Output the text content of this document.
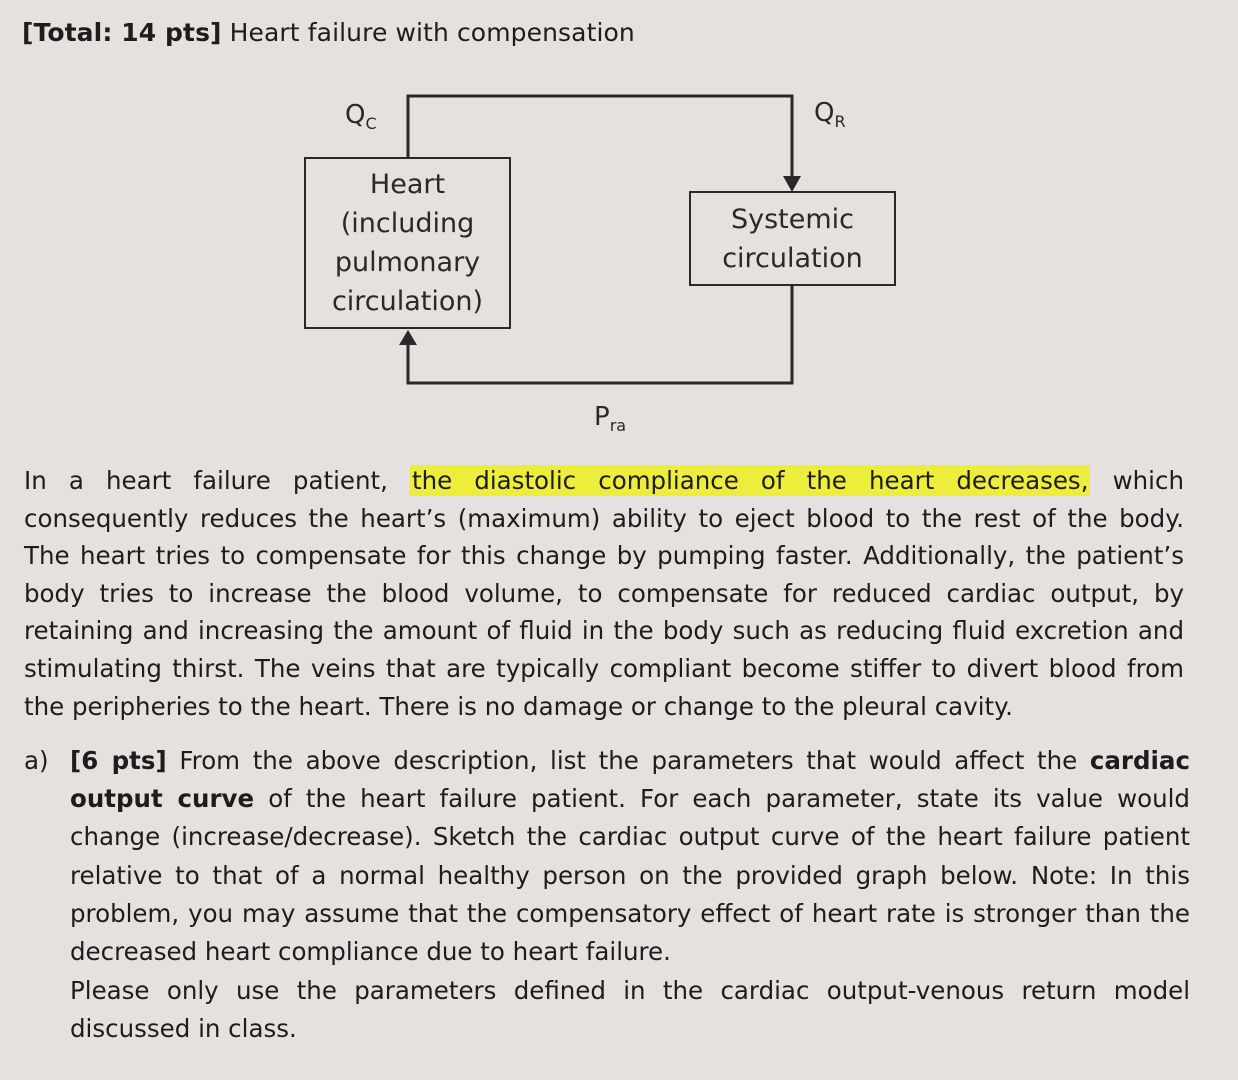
[Total: 14 pts] Heart failure with compensation
Heart
(including
pulmonary
circulation)
Systemic
circulation
$Q_C$	$Q_R$
$P_{ra}$
In a heart failure patient, the diastolic compliance of the heart decreases, which consequently reduces the heart’s (maximum) ability to eject blood to the rest of the body. The heart tries to compensate for this change by pumping faster. Additionally, the patient’s body tries to increase the blood volume, to compensate for reduced cardiac output, by retaining and increasing the amount of fluid in the body such as reducing fluid excretion and stimulating thirst. The veins that are typically compliant become stiffer to divert blood from the peripheries to the heart. There is no damage or change to the pleural cavity.
a) [6 pts] From the above description, list the parameters that would affect the cardiac output curve of the heart failure patient. For each parameter, state its value would change (increase/decrease). Sketch the cardiac output curve of the heart failure patient relative to that of a normal healthy person on the provided graph below. Note: In this problem, you may assume that the compensatory effect of heart rate is stronger than the decreased heart compliance due to heart failure.
Please only use the parameters defined in the cardiac output-venous return model discussed in class.
